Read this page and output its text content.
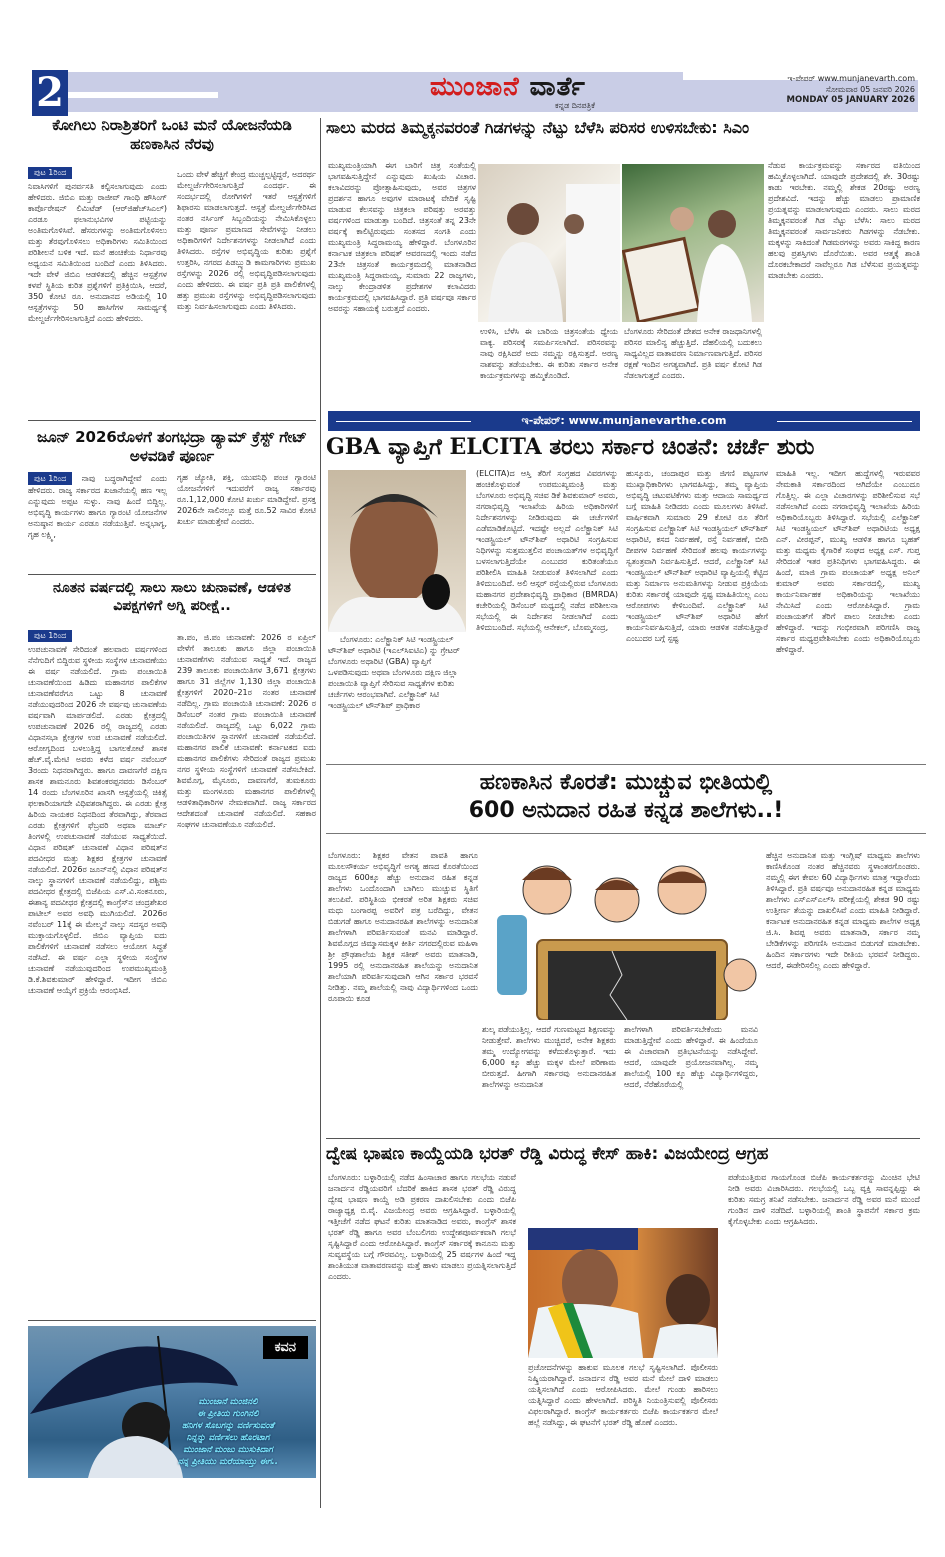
2	ಮುಂಜಾನೆ ವಾರ್ತೆ
ಕನ್ನಡ ದಿನಪತ್ರಿಕೆ
ಇ-ಪೇಪರ್ www.munjanevarth.com
ಸೋಮವಾರ 05 ಜನವರಿ 2026
MONDAY 05 JANUARY 2026
ಕೋಗಿಲು ನಿರಾಶ್ರಿತರಿಗೆ ಒಂಟಿ ಮನೆ ಯೋಜನೆಯಡಿ ಹಣಕಾಸಿನ ನೆರವು
ಪುಟ 1ರಿಂದ
ನಿವಾಸಿಗಳಿಗೆ ಪುನರ್ವಸತಿ ಕಲ್ಪಿಸಲಾಗುವುದು ಎಂದು ಹೇಳಿದರು. ಜಿಬಿಎ ಮತ್ತು ರಾಜೀವ್ ಗಾಂಧಿ ಹೌಸಿಂಗ್ ಕಾರ್ಪೊರೇಷನ್ ಲಿಮಿಟೆಡ್ (ಆರ್‌ಜಿಹೆಚ್‌ಸಿಎಲ್) ಎರಡೂ ಫಲಾನುಭವಿಗಳ ಪಟ್ಟಿಯನ್ನು ಅಂತಿಮಗೊಳಿಸಿವೆ. ಹೆಸರುಗಳನ್ನು ಅಂತಿಮಗೊಳಿಸಲು ಮತ್ತು ತೆರವುಗೊಳಿಸಲು ಅಧಿಕಾರಿಗಳು ಸಮಿತಿಯಿಂದ ಪರಿಶೀಲನೆ ಬಳಿಕ ಇದೆ. ಮನೆ ಹಂಚಿಕೆಯ ನಿರ್ಧಾರವು ಅಧ್ಯಯನ ಸಮಿತಿಯಿಂದ ಬಂದಿದೆ ಎಂದು ತಿಳಿಸಿದರು. ಇದೇ ವೇಳೆ ಜಿಬಿಎ ಆಡಳಿತದಲ್ಲಿ ಹೆಚ್ಚಿನ ಆಸ್ಪತ್ರೆಗಳ ಕಳಪೆ ಸ್ಥಿತಿಯ ಕುರಿತ ಪ್ರಶ್ನೆಗಳಿಗೆ ಪ್ರತಿಕ್ರಿಯಿಸಿ, ಆದರೆ, 350 ಕೋಟಿ ರೂ. ಅನುದಾನದ ಅಡಿಯಲ್ಲಿ 10 ಆಸ್ಪತ್ರೆಗಳನ್ನು 50 ಹಾಸಿಗೆಗಳ ಸಾಮರ್ಥ್ಯಕ್ಕೆ ಮೇಲ್ದರ್ಜೆಗೇರಿಸಲಾಗುತ್ತಿದೆ ಎಂದು ಹೇಳಿದರು.
ಒಂದು ವೇಳೆ ಹೆಚ್ಚಿಗೆ ಕೇಂದ್ರ ಮುಚ್ಚಲ್ಪಟ್ಟಿದ್ದರೆ, ಅದರರ್ಥ ಮೇಲ್ದರ್ಜೆಗೇರಿಸಲಾಗುತ್ತಿದೆ ಎಂದರ್ಥ. ಈ ಸಂದರ್ಭದಲ್ಲಿ ರೋಗಿಗಳಿಗೆ ಇತರೆ ಆಸ್ಪತ್ರೆಗಳಿಗೆ ಶಿಫಾರಸು ಮಾಡಲಾಗುತ್ತದೆ. ಆಸ್ಪತ್ರೆ ಮೇಲ್ದರ್ಜೆಗೇರಿಸಿದ ನಂತರ ನರ್ಸಿಂಗ್ ಸಿಬ್ಬಂದಿಯನ್ನು ನೇಮಿಸಿಕೊಳ್ಳಲು ಮತ್ತು ಪೂರ್ಣ ಪ್ರಮಾಣದ ಸೇವೆಗಳನ್ನು ನೀಡಲು ಅಧಿಕಾರಿಗಳಿಗೆ ನಿರ್ದೇಶನಗಳನ್ನು ನೀಡಲಾಗಿದೆ ಎಂದು ತಿಳಿಸಿದರು. ರಸ್ತೆಗಳ ಅಭಿವೃದ್ಧಿಯ ಕುರಿತು ಪ್ರಶ್ನೆಗೆ ಉತ್ತರಿಸಿ, ನಗರದ ಪಿಡಬ್ಲ್ಯುಡಿ ಕಾಮಗಾರಿಗಳು ಪ್ರಮುಖ ರಸ್ತೆಗಳನ್ನು 2026 ರಲ್ಲಿ ಅಭಿವೃದ್ಧಿಪಡಿಸಲಾಗುವುದು ಎಂದು ಹೇಳಿದರು. ಈ ವರ್ಷ ಪ್ರತಿ ಪ್ರತಿ ಪಾಲಿಕೆಗಳಲ್ಲಿ ಹತ್ತು ಪ್ರಮುಖ ರಸ್ತೆಗಳನ್ನು ಅಭಿವೃದ್ಧಿಪಡಿಸಲಾಗುವುದು ಮತ್ತು ನಿರ್ವಹಿಸಲಾಗುವುದು ಎಂದು ತಿಳಿಸಿದರು.
ಜೂನ್ 2026ರೊಳಗೆ ತಂಗಭದ್ರಾ ಡ್ಯಾಮ್ ಕ್ರೆಸ್ಟ್ ಗೇಟ್ ಅಳವಡಿಕೆ ಪೂರ್ಣ
ಪುಟ 1ರಿಂದ ನಾವು ಬದ್ಧರಾಗಿದ್ದೇವೆ ಎಂದು ಹೇಳಿದರು. ರಾಜ್ಯ ಸರ್ಕಾರದ ಖಜಾನೆಯಲ್ಲಿ ಹಣ ಇಲ್ಲ ಎನ್ನುವುದು ಅಪ್ಪಟ ಸುಳ್ಳು. ನಾವು ಹಿಂದೆ ಬಿದ್ದಿಲ್ಲ. ಅಭಿವೃದ್ಧಿ ಕಾರ್ಯಗಳು ಹಾಗೂ ಗ್ಯಾರಂಟಿ ಯೋಜನೆಗಳ ಅನುಷ್ಠಾನ ಕಾರ್ಯ ಎರಡೂ ನಡೆಯುತ್ತಿವೆ. ಅನ್ನಭಾಗ್ಯ, ಗೃಹ ಲಕ್ಷ್ಮಿ,
ಗೃಹ ಜ್ಯೋತಿ, ಶಕ್ತಿ, ಯುವನಿಧಿ ಪಂಚ ಗ್ಯಾರಂಟಿ ಯೋಜನೆಗಳಿಗೆ ಇದುವರೆಗೆ ರಾಜ್ಯ ಸರ್ಕಾರವು ರೂ.1,12,000 ಕೋಟಿ ಖರ್ಚು ಮಾಡಿದ್ದೇವೆ. ಪ್ರಸಕ್ತ 2026ನೇ ಸಾಲಿನಲ್ಲೂ ಮತ್ತೆ ರೂ.52 ಸಾವಿರ ಕೋಟಿ ಖರ್ಚು ಮಾಡುತ್ತೇವೆ ಎಂದರು.
ನೂತನ ವರ್ಷದಲ್ಲಿ ಸಾಲು ಸಾಲು ಚುನಾವಣೆ, ಆಡಳಿತ ವಿಪಕ್ಷಗಳಿಗೆ ಅಗ್ನಿ ಪರೀಕ್ಷೆ..
ಪುಟ 1ರಿಂದ
ಉಪಚುನಾವಣೆ ಸೇರಿದಂತೆ ಹಲವಾರು ವರ್ಷಗಳಿಂದ ನೆನೆಗುದಿಗೆ ಬಿದ್ದಿರುವ ಸ್ಥಳೀಯ ಸಂಸ್ಥೆಗಳ ಚುನಾವಣೆಯು ಈ ವರ್ಷ ನಡೆಯಲಿದೆ. ಗ್ರಾಮ ಪಂಚಾಯಿತಿ ಚುನಾವಣೆಯಿಂದ ಹಿಡಿದು ಮಹಾನಗರ ಪಾಲಿಕೆಗಳ ಚುನಾವಣೆವರೆಗೂ ಒಟ್ಟು 8 ಚುನಾವಣೆ ನಡೆಯುವುದರಿಂದ 2026 ನೇ ವರ್ಷವು ಚುನಾವಣೆಯ ವರ್ಷವಾಗಿ ಮಾರ್ಪಡಲಿದೆ. ಎರಡು ಕ್ಷೇತ್ರದಲ್ಲಿ ಉಪಚುನಾವಣೆ 2026 ರಲ್ಲಿ ರಾಜ್ಯದಲ್ಲಿ ಎರಡು ವಿಧಾನಸಭಾ ಕ್ಷೇತ್ರಗಳ ಉಪ ಚುನಾವಣೆ ನಡೆಯಲಿದೆ. ಆರೋಗ್ಯದಿಂದ ಬಳಲುತ್ತಿದ್ದ ಬಾಗಲಕೋಟೆ ಶಾಸಕ ಹೆಚ್.ವೈ.ಮೇಟಿ ಅವರು ಕಳೆದ ವರ್ಷ ನವೆಂಬರ್ 3ರಂದು ನಿಧನರಾಗಿದ್ದರು. ಹಾಗೂ ದಾವಣಗೆರೆ ದಕ್ಷಿಣ ಶಾಸಕ ಶಾಮನೂರು ಶಿವಶಂಕರಪ್ಪನವರು ಡಿಸೆಂಬರ್ 14 ರಂದು ಬೆಂಗಳೂರಿನ ಖಾಸಗಿ ಆಸ್ಪತ್ರೆಯಲ್ಲಿ ಚಿಕಿತ್ಸೆ ಫಲಕಾರಿಯಾಗದೇ ವಿಧಿವಶರಾಗಿದ್ದರು. ಈ ಎರಡು ಕ್ಷೇತ್ರ ಹಿರಿಯ ನಾಯಕರ ನಿಧನದಿಂದ ತೆರವಾಗಿದ್ದು, ತೆರವಾದ ಎರಡು ಕ್ಷೇತ್ರಗಳಿಗೆ ಫೆಬ್ರವರಿ ಅಥವಾ ಮಾರ್ಚ್ ತಿಂಗಳಲ್ಲಿ ಉಪಚುನಾವಣೆ ನಡೆಯುವ ಸಾಧ್ಯತೆಯಿದೆ. ವಿಧಾನ ಪರಿಷತ್ ಚುನಾವಣೆ ವಿಧಾನ ಪರಿಷತ್‌ನ ಪದವೀಧರ ಮತ್ತು ಶಿಕ್ಷಕರ ಕ್ಷೇತ್ರಗಳ ಚುನಾವಣೆ ನಡೆಯಲಿದೆ. 2026ರ ಜೂನ್‌ನಲ್ಲಿ ವಿಧಾನ ಪರಿಷತ್‌ನ ನಾಲ್ಕು ಸ್ಥಾನಗಳಿಗೆ ಚುನಾವಣೆ ನಡೆಯಲಿದ್ದು, ಪಶ್ಚಿಮ ಪದವೀಧರ ಕ್ಷೇತ್ರದಲ್ಲಿ ಬಿಜೆಪಿಯ ಎಸ್.ವಿ.ಸಂಕನೂರು, ಈಶಾನ್ಯ ಪದವೀಧರ ಕ್ಷೇತ್ರದಲ್ಲಿ ಕಾಂಗ್ರೆಸ್‌ನ ಚಂದ್ರಶೇಖರ ಪಾಟೀಲ್ ಅವರ ಅವಧಿ ಮುಗಿಯಲಿದೆ. 2026ರ ನವೆಂಬರ್ 11ಕ್ಕೆ ಈ ಮೇಲ್ಮನೆ ನಾಲ್ಕು ಸದಸ್ಯರ ಅವಧಿ ಮುಕ್ತಾಯಗೊಳ್ಳಲಿದೆ. ಜಿಬಿಎ ವ್ಯಾಪ್ತಿಯ ಐದು ಪಾಲಿಕೆಗಳಿಗೆ ಚುನಾವಣೆ ನಡೆಸಲು ಆಯೋಗ ಸಿದ್ಧತೆ ನಡೆಸಿದೆ. ಈ ವರ್ಷ ಎಲ್ಲಾ ಸ್ಥಳೀಯ ಸಂಸ್ಥೆಗಳ ಚುನಾವಣೆ ನಡೆಯುವುದರಿಂದ ಉಪಮುಖ್ಯಮಂತ್ರಿ ಡಿ.ಕೆ.ಶಿವಕುಮಾರ್ ಹೇಳಿದ್ದಾರೆ. ಇದೀಗ ಜಿಬಿಎ ಚುನಾವಣೆ ಆಯ್ಕೆಗೆ ಪ್ರಕ್ರಿಯೆ ಆರಂಭಿಸಿದೆ.
ತಾ.ಪಂ, ಜಿ.ಪಂ ಚುನಾವಣೆ: 2026 ರ ಏಪ್ರಿಲ್ ವೇಳೆಗೆ ತಾಲೂಕು ಹಾಗೂ ಜಿಲ್ಲಾ ಪಂಚಾಯಿತಿ ಚುನಾವಣೆಗಳು ನಡೆಯುವ ಸಾಧ್ಯತೆ ಇದೆ. ರಾಜ್ಯದ 239 ತಾಲೂಕು ಪಂಚಾಯಿತಿಗಳ 3,671 ಕ್ಷೇತ್ರಗಳು ಹಾಗೂ 31 ಜಿಲ್ಲೆಗಳ 1,130 ಜಿಲ್ಲಾ ಪಂಚಾಯಿತಿ ಕ್ಷೇತ್ರಗಳಿಗೆ 2020–21ರ ನಂತರ ಚುನಾವಣೆ ನಡೆದಿಲ್ಲ. ಗ್ರಾಮ ಪಂಚಾಯಿತಿ ಚುನಾವಣೆ: 2026 ರ ಡಿಸೆಂಬರ್ ನಂತರ ಗ್ರಾಮ ಪಂಚಾಯಿತಿ ಚುನಾವಣೆ ನಡೆಯಲಿದೆ. ರಾಜ್ಯದಲ್ಲಿ ಒಟ್ಟು 6,022 ಗ್ರಾಮ ಪಂಚಾಯಿತಿಗಳ ಸ್ಥಾನಗಳಿಗೆ ಚುನಾವಣೆ ನಡೆಯಲಿದೆ. ಮಹಾನಗರ ಪಾಲಿಕೆ ಚುನಾವಣೆ: ಕರ್ನಾಟಕದ ಐದು ಮಹಾನಗರ ಪಾಲಿಕೆಗಳು ಸೇರಿದಂತೆ ರಾಜ್ಯದ ಪ್ರಮುಖ ನಗರ ಸ್ಥಳೀಯ ಸಂಸ್ಥೆಗಳಿಗೆ ಚುನಾವಣೆ ನಡೆಸಬೇಕಿದೆ. ಶಿವಮೊಗ್ಗ, ಮೈಸೂರು, ದಾವಣಗೆರೆ, ತುಮಕೂರು ಮತ್ತು ಮಂಗಳೂರು ಮಹಾನಗರ ಪಾಲಿಕೆಗಳಲ್ಲಿ ಆಡಳಿತಾಧಿಕಾರಿಗಳ ನೇಮಕವಾಗಿದೆ. ರಾಜ್ಯ ಸರ್ಕಾರದ ಆದೇಶದಂತೆ ಚುನಾವಣೆ ನಡೆಯಲಿದೆ. ಸಹಕಾರ ಸಂಘಗಳ ಚುನಾವಣೆಯೂ ನಡೆಯಲಿದೆ.
ಕವನ
ಮುಂಜಾನೆ ಮಂಜಿನಲಿ
ಈ ಪ್ರೀತಿಯ ಗುಂಗಿನಲಿ
ಹನಿಗಳ ಸೊಬಗನ್ನು ವರ್ಣಿಸುವಂತೆ
ನಿನ್ನನ್ನು ವರ್ಣಿಸಲು ಹೊರಟಾಗ
ಮುಂಜಾನೆ ಮಂಜು ಮುಸುಕಿದಾಗ
ನನ್ನ ಪ್ರೀತಿಯು ಮರೆಯಾಯ್ತು ಈಗ..
ಸಾಲು ಮರದ ತಿಮ್ಮಕ್ಕನವರಂತೆ ಗಿಡಗಳನ್ನು ನೆಟ್ಟು ಬೆಳೆಸಿ ಪರಿಸರ ಉಳಿಸಬೇಕು: ಸಿಎಂ
ಮುಖ್ಯಮಂತ್ರಿಯಾಗಿ ಈಗ ಬಾರಿಗೆ ಚಿತ್ರ ಸಂತೆಯಲ್ಲಿ ಭಾಗವಹಿಸುತ್ತಿದ್ದೇನೆ ಎನ್ನುವುದು ಖುಷಿಯ ವಿಚಾರ. ಕಲಾವಿದರನ್ನು ಪ್ರೋತ್ಸಾಹಿಸುವುದು, ಅವರ ಚಿತ್ರಗಳ ಪ್ರದರ್ಶನ ಹಾಗೂ ಅವುಗಳ ಮಾರಾಟಕ್ಕೆ ವೇದಿಕೆ ಸೃಷ್ಟಿ ಮಾಡುವ ಕೆಲಸವನ್ನು ಚಿತ್ರಕಲಾ ಪರಿಷತ್ತು ಅರವತ್ತು ವರ್ಷಗಳಿಂದ ಮಾಡುತ್ತಾ ಬಂದಿದೆ. ಚಿತ್ರಸಂತೆ ತನ್ನ 23ನೇ ವರ್ಷಕ್ಕೆ ಕಾಲಿಟ್ಟಿರುವುದು ಸಂತಸದ ಸಂಗತಿ ಎಂದು ಮುಖ್ಯಮಂತ್ರಿ ಸಿದ್ದರಾಮಯ್ಯ ಹೇಳಿದ್ದಾರೆ. ಬೆಂಗಳೂರಿನ ಕರ್ನಾಟಕ ಚಿತ್ರಕಲಾ ಪರಿಷತ್ ಆವರಣದಲ್ಲಿ ಇಂದು ನಡೆದ 23ನೇ ಚಿತ್ರಸಂತೆ ಕಾರ್ಯಕ್ರಮದಲ್ಲಿ ಮಾತನಾಡಿದ ಮುಖ್ಯಮಂತ್ರಿ ಸಿದ್ದರಾಮಯ್ಯ, ಸುಮಾರು 22 ರಾಜ್ಯಗಳು, ನಾಲ್ಕು ಕೇಂದ್ರಾಡಳಿತ ಪ್ರದೇಶಗಳ ಕಲಾವಿದರು ಕಾರ್ಯಕ್ರಮದಲ್ಲಿ ಭಾಗವಹಿಸಿದ್ದಾರೆ. ಪ್ರತಿ ವರ್ಷವೂ ಸರ್ಕಾರ ಅವರನ್ನು ಸಹಾಯಕ್ಕೆ ಬರುತ್ತದೆ ಎಂದರು.
ಉಳಿಸಿ, ಬೆಳೆಸಿ ಈ ಬಾರಿಯ ಚಿತ್ರಸಂತೆಯ ಧ್ಯೇಯ ವಾಕ್ಯ. ಪರಿಸರಕ್ಕೆ ಸಮರ್ಪಿಸಲಾಗಿದೆ. ಪರಿಸರವನ್ನು ನಾವು ರಕ್ಷಿಸಿದರೆ ಅದು ನಮ್ಮನ್ನು ರಕ್ಷಿಸುತ್ತದೆ. ಅರಣ್ಯ ನಾಶವನ್ನು ತಡೆಯಬೇಕು. ಈ ಕುರಿತು ಸರ್ಕಾರ ಅನೇಕ ಕಾರ್ಯಕ್ರಮಗಳನ್ನು ಹಮ್ಮಿಕೊಂಡಿದೆ.
ಬೆಂಗಳೂರು ಸೇರಿದಂತೆ ದೇಶದ ಅನೇಕ ರಾಜಧಾನಿಗಳಲ್ಲಿ ಪರಿಸರ ಮಾಲಿನ್ಯ ಹೆಚ್ಚುತ್ತಿದೆ. ದೆಹಲಿಯಲ್ಲಿ ಬದುಕಲು ಸಾಧ್ಯವಿಲ್ಲದ ವಾತಾವರಣ ನಿರ್ಮಾಣವಾಗುತ್ತಿದೆ. ಪರಿಸರ ರಕ್ಷಣೆ ಇಂದಿನ ಅಗತ್ಯವಾಗಿದೆ. ಪ್ರತಿ ವರ್ಷ ಕೋಟಿ ಗಿಡ ನೆಡಲಾಗುತ್ತದೆ ಎಂದರು.
ನೆಡುವ ಕಾರ್ಯಕ್ರಮವನ್ನು ಸರ್ಕಾರದ ವತಿಯಿಂದ ಹಮ್ಮಿಕೊಳ್ಳಲಾಗಿದೆ. ಯಾವುದೇ ಪ್ರದೇಶದಲ್ಲಿ ಶೇ. 30ರಷ್ಟು ಕಾಡು ಇರಬೇಕು. ನಮ್ಮಲ್ಲಿ ಶೇಕಡ 20ರಷ್ಟು ಅರಣ್ಯ ಪ್ರದೇಶವಿದೆ. ಇದನ್ನು ಹೆಚ್ಚು ಮಾಡಲು ಪ್ರಾಮಾಣಿಕ ಪ್ರಯತ್ನವನ್ನು ಮಾಡಲಾಗುವುದು ಎಂದರು. ಸಾಲು ಮರದ ತಿಮ್ಮಕ್ಕನವರಂತೆ ಗಿಡ ನೆಟ್ಟು ಬೆಳೆಸಿ: ಸಾಲು ಮರದ ತಿಮ್ಮಕ್ಕನವರಂತೆ ಸಾರ್ವಜನಿಕರು ಗಿಡಗಳನ್ನು ನೆಡಬೇಕು. ಮಕ್ಕಳನ್ನು ಸಾಕಿದಂತೆ ಗಿಡಮರಗಳನ್ನು ಅವರು ಸಾಕಿದ್ದ ಕಾರಣ ಹಲವು ಪ್ರಶಸ್ತಿಗಳು ದೊರೆಯಿತು. ಅವರ ಆತ್ಮಕ್ಕೆ ಶಾಂತಿ ದೊರಕಬೇಕಾದರೆ ನಾವೆಲ್ಲರೂ ಗಿಡ ಬೆಳೆಸುವ ಪ್ರಯತ್ನವನ್ನು ಮಾಡಬೇಕು ಎಂದರು.
ಇ-ಪೇಪರ್: www.munjanevarthe.com
GBA ವ್ಯಾಪ್ತಿಗೆ ELCITA ತರಲು ಸರ್ಕಾರ ಚಿಂತನೆ: ಚರ್ಚೆ ಶುರು
ಬೆಂಗಳೂರು: ಎಲೆಕ್ಟ್ರಾನಿಕ್ ಸಿಟಿ ಇಂಡಸ್ಟ್ರಿಯಲ್ ಟೌನ್‌ಶಿಪ್ ಅಥಾರಿಟಿ (ಇಎಲ್‌ಸಿಐಟಿಎ) ನ್ನು ಗ್ರೇಟರ್ ಬೆಂಗಳೂರು ಅಥಾರಿಟಿ (GBA) ವ್ಯಾಪ್ತಿಗೆ ಒಳಪಡಿಸುವುದು ಅಥವಾ ಬೆಂಗಳೂರು ದಕ್ಷಿಣ ಜಿಲ್ಲಾ ಪಂಚಾಯಿತಿ ವ್ಯಾಪ್ತಿಗೆ ಸೇರಿಸುವ ಸಾಧ್ಯತೆಗಳ ಕುರಿತು ಚರ್ಚೆಗಳು ಆರಂಭವಾಗಿವೆ. ಎಲೆಕ್ಟ್ರಾನಿಕ್ ಸಿಟಿ ಇಂಡಸ್ಟ್ರಿಯಲ್ ಟೌನ್‌ಶಿಪ್ ಪ್ರಾಧಿಕಾರ
(ELCITA)ದ ಆಸ್ತಿ ತೆರಿಗೆ ಸಂಗ್ರಹದ ವಿವರಗಳನ್ನು ಹಂಚಿಕೊಳ್ಳುವಂತೆ ಉಪಮುಖ್ಯಮಂತ್ರಿ ಮತ್ತು ಬೆಂಗಳೂರು ಅಭಿವೃದ್ಧಿ ಸಚಿವ ಡಿಕೆ ಶಿವಕುಮಾರ್ ಅವರು, ನಗರಾಭಿವೃದ್ಧಿ ಇಲಾಖೆಯ ಹಿರಿಯ ಅಧಿಕಾರಿಗಳಿಗೆ ನಿರ್ದೇಶನಗಳನ್ನು ನೀಡಿರುವುದು ಈ ಚರ್ಚೆಗಳಿಗೆ ಎಡೆಮಾಡಿಕೊಟ್ಟಿದೆ. ಇದಷ್ಟೇ ಅಲ್ಲದೆ ಎಲೆಕ್ಟ್ರಾನಿಕ್ ಸಿಟಿ ಇಂಡಸ್ಟ್ರಿಯಲ್ ಟೌನ್‌ಶಿಪ್ ಅಥಾರಿಟಿ ಸಂಗ್ರಹಿಸುವ ನಿಧಿಗಳನ್ನು ಸುತ್ತಮುತ್ತಲಿನ ಪಂಚಾಯತ್‌ಗಳ ಅಭಿವೃದ್ಧಿಗೆ ಬಳಸಲಾಗುತ್ತಿದೆಯೇ ಎಂಬುದರ ಕುರಿತಂತೆಯೂ ಪರಿಶೀಲಿಸಿ ಮಾಹಿತಿ ನೀಡುವಂತೆ ತಿಳಿಸಲಾಗಿದೆ ಎಂದು ತಿಳಿದುಬಂದಿದೆ. ಅಲಿ ಆಸ್ಗರ್ ರಸ್ತೆಯಲ್ಲಿರುವ ಬೆಂಗಳೂರು ಮಹಾನಗರ ಪ್ರದೇಶಾಭಿವೃದ್ಧಿ ಪ್ರಾಧಿಕಾರ (BMRDA) ಕಚೇರಿಯಲ್ಲಿ ಡಿಸೆಂಬರ್ ಮಧ್ಯದಲ್ಲಿ ನಡೆದ ಪರಿಶೀಲನಾ ಸಭೆಯಲ್ಲಿ ಈ ನಿರ್ದೇಶನ ನೀಡಲಾಗಿದೆ ಎಂದು ತಿಳಿದುಬಂದಿದೆ. ಸಭೆಯಲ್ಲಿ ಆನೇಕಲ್, ಬೊಮ್ಮಸಂದ್ರ,
ಹುಸ್ಕೂರು, ಚಂದಾಪುರ ಮತ್ತು ಜಿಗಣಿ ಪಟ್ಟಣಗಳ ಮುಖ್ಯಾಧಿಕಾರಿಗಳು ಭಾಗವಹಿಸಿದ್ದು, ತಮ್ಮ ವ್ಯಾಪ್ತಿಯ ಅಭಿವೃದ್ಧಿ ಚಟುವಟಿಕೆಗಳು ಮತ್ತು ಆದಾಯ ಸಾಮರ್ಥ್ಯದ ಬಗ್ಗೆ ಮಾಹಿತಿ ನೀಡಿದರು ಎಂದು ಮೂಲಗಳು ತಿಳಿಸಿವೆ. ವಾರ್ಷಿಕವಾಗಿ ಸುಮಾರು 29 ಕೋಟಿ ರೂ ತೆರಿಗೆ ಸಂಗ್ರಹಿಸುವ ಎಲೆಕ್ಟ್ರಾನಿಕ್ ಸಿಟಿ ಇಂಡಸ್ಟ್ರಿಯಲ್ ಟೌನ್‌ಶಿಪ್ ಅಥಾರಿಟಿ, ಕಸದ ನಿರ್ವಹಣೆ, ರಸ್ತೆ ನಿರ್ವಹಣೆ, ಬೀದಿ ದೀಪಗಳ ನಿರ್ವಹಣೆ ಸೇರಿದಂತೆ ಹಲವು ಕಾರ್ಯಗಳನ್ನು ಸ್ವತಂತ್ರವಾಗಿ ನಿರ್ವಹಿಸುತ್ತಿದೆ. ಆದರೆ, ಎಲೆಕ್ಟ್ರಾನಿಕ್ ಸಿಟಿ ಇಂಡಸ್ಟ್ರಿಯಲ್ ಟೌನ್‌ಶಿಪ್ ಅಥಾರಿಟಿ ವ್ಯಾಪ್ತಿಯಲ್ಲಿ ಕೆಟ್ಟಿದ ಮತ್ತು ನಿರ್ಮಾಣ ಅನುಮತಿಗಳನ್ನು ನೀಡುವ ಪ್ರಕ್ರಿಯೆಯ ಕುರಿತು ಸರ್ಕಾರಕ್ಕೆ ಯಾವುದೇ ಸ್ಪಷ್ಟ ಮಾಹಿತಿಯಿಲ್ಲ ಎಂಬ ಆರೋಪಗಳು ಕೇಳಿಬಂದಿವೆ. ಎಲೆಕ್ಟ್ರಾನಿಕ್ ಸಿಟಿ ಇಂಡಸ್ಟ್ರಿಯಲ್ ಟೌನ್‌ಶಿಪ್ ಅಥಾರಿಟಿ ಹೇಗೆ ಕಾರ್ಯನಿರ್ವಹಿಸುತ್ತಿದೆ, ಯಾರು ಆಡಳಿತ ನಡೆಸುತ್ತಿದ್ದಾರೆ ಎಂಬುದರ ಬಗ್ಗೆ ಸ್ಪಷ್ಟ
ಮಾಹಿತಿ ಇಲ್ಲ. ಇದೀಗ ಹುದ್ದೆಗಳಲ್ಲಿ ಇರುವವರ ನೇಮಕಾತಿ ಸರ್ಕಾರದಿಂದ ಆಗಿದೆಯೇ ಎಂಬುದೂ ಗೊತ್ತಿಲ್ಲ. ಈ ಎಲ್ಲಾ ವಿಚಾರಗಳನ್ನು ಪರಿಶೀಲಿಸುವ ಸಭೆ ನಡೆಸಲಾಗಿದೆ ಎಂದು ನಗರಾಭಿವೃದ್ಧಿ ಇಲಾಖೆಯ ಹಿರಿಯ ಅಧಿಕಾರಿಯೊಬ್ಬರು ತಿಳಿಸಿದ್ದಾರೆ. ಸಭೆಯಲ್ಲಿ ಎಲೆಕ್ಟ್ರಾನಿಕ್ ಸಿಟಿ ಇಂಡಸ್ಟ್ರಿಯಲ್ ಟೌನ್‌ಶಿಪ್ ಅಥಾರಿಟಿಯ ಅಧ್ಯಕ್ಷ ಎನ್. ವೀರಪ್ಪನ್, ಮುಖ್ಯ ಆಡಳಿತ ಹಾಗೂ ಬೃಹತ್ ಮತ್ತು ಮಧ್ಯಮ ಕೈಗಾರಿಕೆ ಸಂಘದ ಅಧ್ಯಕ್ಷ ಎಸ್. ಗುಪ್ತ ಸೇರಿದಂತೆ ಇತರ ಪ್ರತಿನಿಧಿಗಳು ಭಾಗವಹಿಸಿದ್ದರು. ಈ ಹಿಂದೆ, ಮಾಜಿ ಗ್ರಾಮ ಪಂಚಾಯತ್ ಅಧ್ಯಕ್ಷ ಅನಿಲ್ ಕುಮಾರ್ ಅವರು ಸರ್ಕಾರದಲ್ಲಿ, ಮುಖ್ಯ ಕಾರ್ಯನಿರ್ವಾಹಕ ಅಧಿಕಾರಿಯನ್ನು ಇಲಾಖೆಯು ನೇಮಿಸಿದೆ ಎಂದು ಆರೋಪಿಸಿದ್ದಾರೆ. ಗ್ರಾಮ ಪಂಚಾಯತ್‌ಗೆ ತೆರಿಗೆ ಪಾಲು ನೀಡಬೇಕು ಎಂದು ಹೇಳಿದ್ದಾರೆ. ಇದನ್ನು ಗಂಭೀರವಾಗಿ ಪರಿಗಣಿಸಿ ರಾಜ್ಯ ಸರ್ಕಾರ ಮಧ್ಯಪ್ರವೇಶಿಸಬೇಕು ಎಂದು ಅಧಿಕಾರಿಯೊಬ್ಬರು ಹೇಳಿದ್ದಾರೆ.
ಹಣಕಾಸಿನ ಕೊರತೆ: ಮುಚ್ಚುವ ಭೀತಿಯಲ್ಲಿ
600 ಅನುದಾನ ರಹಿತ ಕನ್ನಡ ಶಾಲೆಗಳು..!
ಬೆಂಗಳೂರು: ಶಿಕ್ಷಕರ ವೇತನ ಪಾವತಿ ಹಾಗೂ ಮೂಲಸೌಕರ್ಯ ಅಭಿವೃದ್ಧಿಗೆ ಅಗತ್ಯ ಹಣದ ಕೊರತೆಯಿಂದ ರಾಜ್ಯದ 600ಕ್ಕೂ ಹೆಚ್ಚು ಅನುದಾನ ರಹಿತ ಕನ್ನಡ ಶಾಲೆಗಳು ಒಂದೊಂದಾಗಿ ಬಾಗಿಲು ಮುಚ್ಚುವ ಸ್ಥಿತಿಗೆ ತಲುಪಿವೆ. ಪರಿಸ್ಥಿತಿಯ ಭೀಕರತೆ ಅರಿತ ಶಿಕ್ಷಕರು ಸಚಿವ ಮಧು ಬಂಗಾರಪ್ಪ ಅವರಿಗೆ ಪತ್ರ ಬರೆದಿದ್ದು, ವೇತನ ಬಿಡುಗಡೆ ಹಾಗೂ ಅನುದಾನರಹಿತ ಶಾಲೆಗಳನ್ನು ಅನುದಾನಿತ ಶಾಲೆಗಳಾಗಿ ಪರಿವರ್ತಿಸುವಂತೆ ಮನವಿ ಮಾಡಿದ್ದಾರೆ. ಶಿವಮೊಗ್ಗದ ಜಿಮ್ಮಾಸಮಕ್ಕಳ ಕೀರ್ತಿ ನಗರದಲ್ಲಿರುವ ಮಹಿಳಾ ಶ್ರೀ ಪ್ರೌಢಶಾಲೆಯ ಶಿಕ್ಷಕ ಸತೀಶ್ ಅವರು ಮಾತನಾಡಿ, 1995 ರಲ್ಲಿ ಅನುದಾನರಹಿತ ಶಾಲೆಯನ್ನು ಅನುದಾನಿತ ಶಾಲೆಯಾಗಿ ಪರಿವರ್ತಿಸುವುದಾಗಿ ಆಗಿನ ಸರ್ಕಾರ ಭರವಸೆ ನೀಡಿತ್ತು. ನಮ್ಮ ಶಾಲೆಯಲ್ಲಿ ನಾವು ವಿದ್ಯಾರ್ಥಿಗಳಿಂದ ಒಂದು ರೂಪಾಯಿ ಕೂಡ
ಶುಲ್ಕ ಪಡೆಯುತ್ತಿಲ್ಲ. ಆದರೆ ಗುಣಮಟ್ಟದ ಶಿಕ್ಷಣವನ್ನು ನೀಡುತ್ತೇವೆ. ಶಾಲೆಗಳು ಮುಚ್ಚಿದರೆ, ಅನೇಕ ಶಿಕ್ಷಕರು ತಮ್ಮ ಉದ್ಯೋಗವನ್ನು ಕಳೆದುಕೊಳ್ಳುತ್ತಾರೆ. ಇದು 6,000 ಕ್ಕೂ ಹೆಚ್ಚು ಮಕ್ಕಳ ಮೇಲೆ ಪರಿಣಾಮ ಬೀರುತ್ತದೆ. ಹೀಗಾಗಿ ಸರ್ಕಾರವು ಅನುದಾನರಹಿತ ಶಾಲೆಗಳನ್ನು ಅನುದಾನಿತ
ಶಾಲೆಗಳಾಗಿ ಪರಿವರ್ತಿಸಬೇಕೆಂದು ಮನವಿ ಮಾಡುತ್ತಿದ್ದೇವೆ ಎಂದು ಹೇಳಿದ್ದಾರೆ. ಈ ಹಿಂದೆಯೂ ಈ ವಿಚಾರವಾಗಿ ಪ್ರತಿಭಟನೆಯನ್ನು ನಡೆಸಿದ್ದೇವೆ. ಆದರೆ, ಯಾವುದೇ ಪ್ರಯೋಜನವಾಗಿಲ್ಲ. ನಮ್ಮ ಶಾಲೆಯಲ್ಲಿ 100 ಕ್ಕೂ ಹೆಚ್ಚು ವಿದ್ಯಾರ್ಥಿಗಳಿದ್ದರು, ಆದರೆ, ನೆರೆಹೊರೆಯಲ್ಲಿ
ಹೆಚ್ಚಿನ ಅನುದಾನಿತ ಮತ್ತು ಇಂಗ್ಲಿಷ್ ಮಾಧ್ಯಮ ಶಾಲೆಗಳು ಕಾಣಿಸಿಕೊಂಡ ನಂತರ ಹೆಚ್ಚಿನವರು ಸ್ಥಳಾಂತರಗೊಂಡರು. ನಮ್ಮಲ್ಲಿ ಈಗ ಕೇವಲ 60 ವಿದ್ಯಾರ್ಥಿಗಳು ಮಾತ್ರ ಇದ್ದಾರೆಂದು ತಿಳಿಸಿದ್ದಾರೆ. ಪ್ರತಿ ವರ್ಷವೂ ಅನುದಾನರಹಿತ ಕನ್ನಡ ಮಾಧ್ಯಮ ಶಾಲೆಗಳು ಎಸ್‌ಎಸ್‌ಎಲ್‌ಸಿ ಪರೀಕ್ಷೆಯಲ್ಲಿ ಶೇಕಡ 90 ರಷ್ಟು ಉತ್ತೀರ್ಣ ತೆಯನ್ನು ದಾಖಲಿಸಿವೆ ಎಂದು ಮಾಹಿತಿ ನೀಡಿದ್ದಾರೆ. ಕರ್ನಾಟಕ ಅನುದಾನರಹಿತ ಕನ್ನಡ ಮಾಧ್ಯಮ ಶಾಲೆಗಳ ಅಧ್ಯಕ್ಷ ಜಿ.ಸಿ. ಶಿವಪ್ಪ ಅವರು ಮಾತನಾಡಿ, ಸರ್ಕಾರ ನಮ್ಮ ಬೇಡಿಕೆಗಳನ್ನು ಪರಿಗಣಿಸಿ ಅನುದಾನ ಬಿಡುಗಡೆ ಮಾಡಬೇಕು. ಹಿಂದಿನ ಸರ್ಕಾರಗಳು ಇದೇ ರೀತಿಯ ಭರವಸೆ ನೀಡಿದ್ದರು. ಆದರೆ, ಈಡೇರಿಸಲಿಲ್ಲ ಎಂದು ಹೇಳಿದ್ದಾರೆ.
ದ್ವೇಷ ಭಾಷಣ ಕಾಯ್ದೆಯಡಿ ಭರತ್ ರೆಡ್ಡಿ ವಿರುದ್ಧ ಕೇಸ್ ಹಾಕಿ: ವಿಜಯೇಂದ್ರ ಆಗ್ರಹ
ಬೆಂಗಳೂರು: ಬಳ್ಳಾರಿಯಲ್ಲಿ ನಡೆದ ಹಿಂಸಾಚಾರ ಹಾಗೂ ಗಲಭೆಯ ನಡುವೆ ಜನಾರ್ದನ ರೆಡ್ಡಿಯವರಿಗೆ ಬೆದರಿಕೆ ಹಾಕಿದ ಶಾಸಕ ಭರತ್ ರೆಡ್ಡಿ ವಿರುದ್ಧ ದ್ವೇಷ ಭಾಷಣ ಕಾಯ್ದೆ ಅಡಿ ಪ್ರಕರಣ ದಾಖಲಿಸಬೇಕು ಎಂದು ಬಿಜೆಪಿ ರಾಜ್ಯಾಧ್ಯಕ್ಷ ಬಿ.ವೈ. ವಿಜಯೇಂದ್ರ ಅವರು ಆಗ್ರಹಿಸಿದ್ದಾರೆ. ಬಳ್ಳಾರಿಯಲ್ಲಿ ಇತ್ತೀಚೆಗೆ ನಡೆದ ಘಟನೆ ಕುರಿತು ಮಾತನಾಡಿದ ಅವರು, ಕಾಂಗ್ರೆಸ್ ಶಾಸಕ ಭರತ್ ರೆಡ್ಡಿ ಹಾಗೂ ಅವರ ಬೆಂಬಲಿಗರು ಉದ್ದೇಶಪೂರ್ವಕವಾಗಿ ಗಲಭೆ ಸೃಷ್ಟಿಸಿದ್ದಾರೆ ಎಂದು ಆರೋಪಿಸಿದ್ದಾರೆ. ಕಾಂಗ್ರೆಸ್ ಸರ್ಕಾರಕ್ಕೆ ಕಾನೂನು ಮತ್ತು ಸುವ್ಯವಸ್ಥೆಯ ಬಗ್ಗೆ ಗೌರವವಿಲ್ಲ. ಬಳ್ಳಾರಿಯಲ್ಲಿ 25 ವರ್ಷಗಳ ಹಿಂದೆ ಇದ್ದ ಶಾಂತಿಯುತ ವಾತಾವರಣವನ್ನು ಮತ್ತೆ ಹಾಳು ಮಾಡಲು ಪ್ರಯತ್ನಿಸಲಾಗುತ್ತಿದೆ ಎಂದರು.
ಪ್ರಚೋದನೆಗಳನ್ನು ಹಾಕುವ ಮೂಲಕ ಗಲಭೆ ಸೃಷ್ಟಿಸಲಾಗಿದೆ. ಪೊಲೀಸರು ನಿಷ್ಕ್ರಿಯರಾಗಿದ್ದಾರೆ. ಜನಾರ್ದನ ರೆಡ್ಡಿ ಅವರ ಮನೆ ಮೇಲೆ ದಾಳಿ ಮಾಡಲು ಯತ್ನಿಸಲಾಗಿದೆ ಎಂದು ಆರೋಪಿಸಿದರು. ಮೇಲೆ ಗುಂಡು ಹಾರಿಸಲು ಯತ್ನಿಸಿದ್ದಾರೆ ಎಂದು ಹೇಳಲಾಗಿದೆ. ಪರಿಸ್ಥಿತಿ ನಿಯಂತ್ರಿಸುವಲ್ಲಿ ಪೊಲೀಸರು ವಿಫಲರಾಗಿದ್ದಾರೆ. ಕಾಂಗ್ರೆಸ್ ಕಾರ್ಯಕರ್ತರು ಬಿಜೆಪಿ ಕಾರ್ಯಕರ್ತರ ಮೇಲೆ ಹಲ್ಲೆ ನಡೆಸಿದ್ದು, ಈ ಘಟನೆಗೆ ಭರತ್ ರೆಡ್ಡಿ ಹೊಣೆ ಎಂದರು.
ಪಡೆಯುತ್ತಿರುವ ಗಾಯಗೊಂಡ ಬಿಜೆಪಿ ಕಾರ್ಯಕರ್ತರನ್ನು ಮಿಂಚಿನ ಭೇಟಿ ನೀಡಿ ಅವರು ವಿಚಾರಿಸಿದರು. ಗಲಭೆಯಲ್ಲಿ ಒಬ್ಬ ವ್ಯಕ್ತಿ ಸಾವನ್ನಪ್ಪಿದ್ದು ಈ ಕುರಿತು ಸಮಗ್ರ ತನಿಖೆ ನಡೆಸಬೇಕು. ಜನಾರ್ದನ ರೆಡ್ಡಿ ಅವರ ಮನೆ ಮುಂದೆ ಗುಂಡಿನ ದಾಳಿ ನಡೆದಿದೆ. ಬಳ್ಳಾರಿಯಲ್ಲಿ ಶಾಂತಿ ಸ್ಥಾಪನೆಗೆ ಸರ್ಕಾರ ಕ್ರಮ ಕೈಗೊಳ್ಳಬೇಕು ಎಂದು ಆಗ್ರಹಿಸಿದರು.
